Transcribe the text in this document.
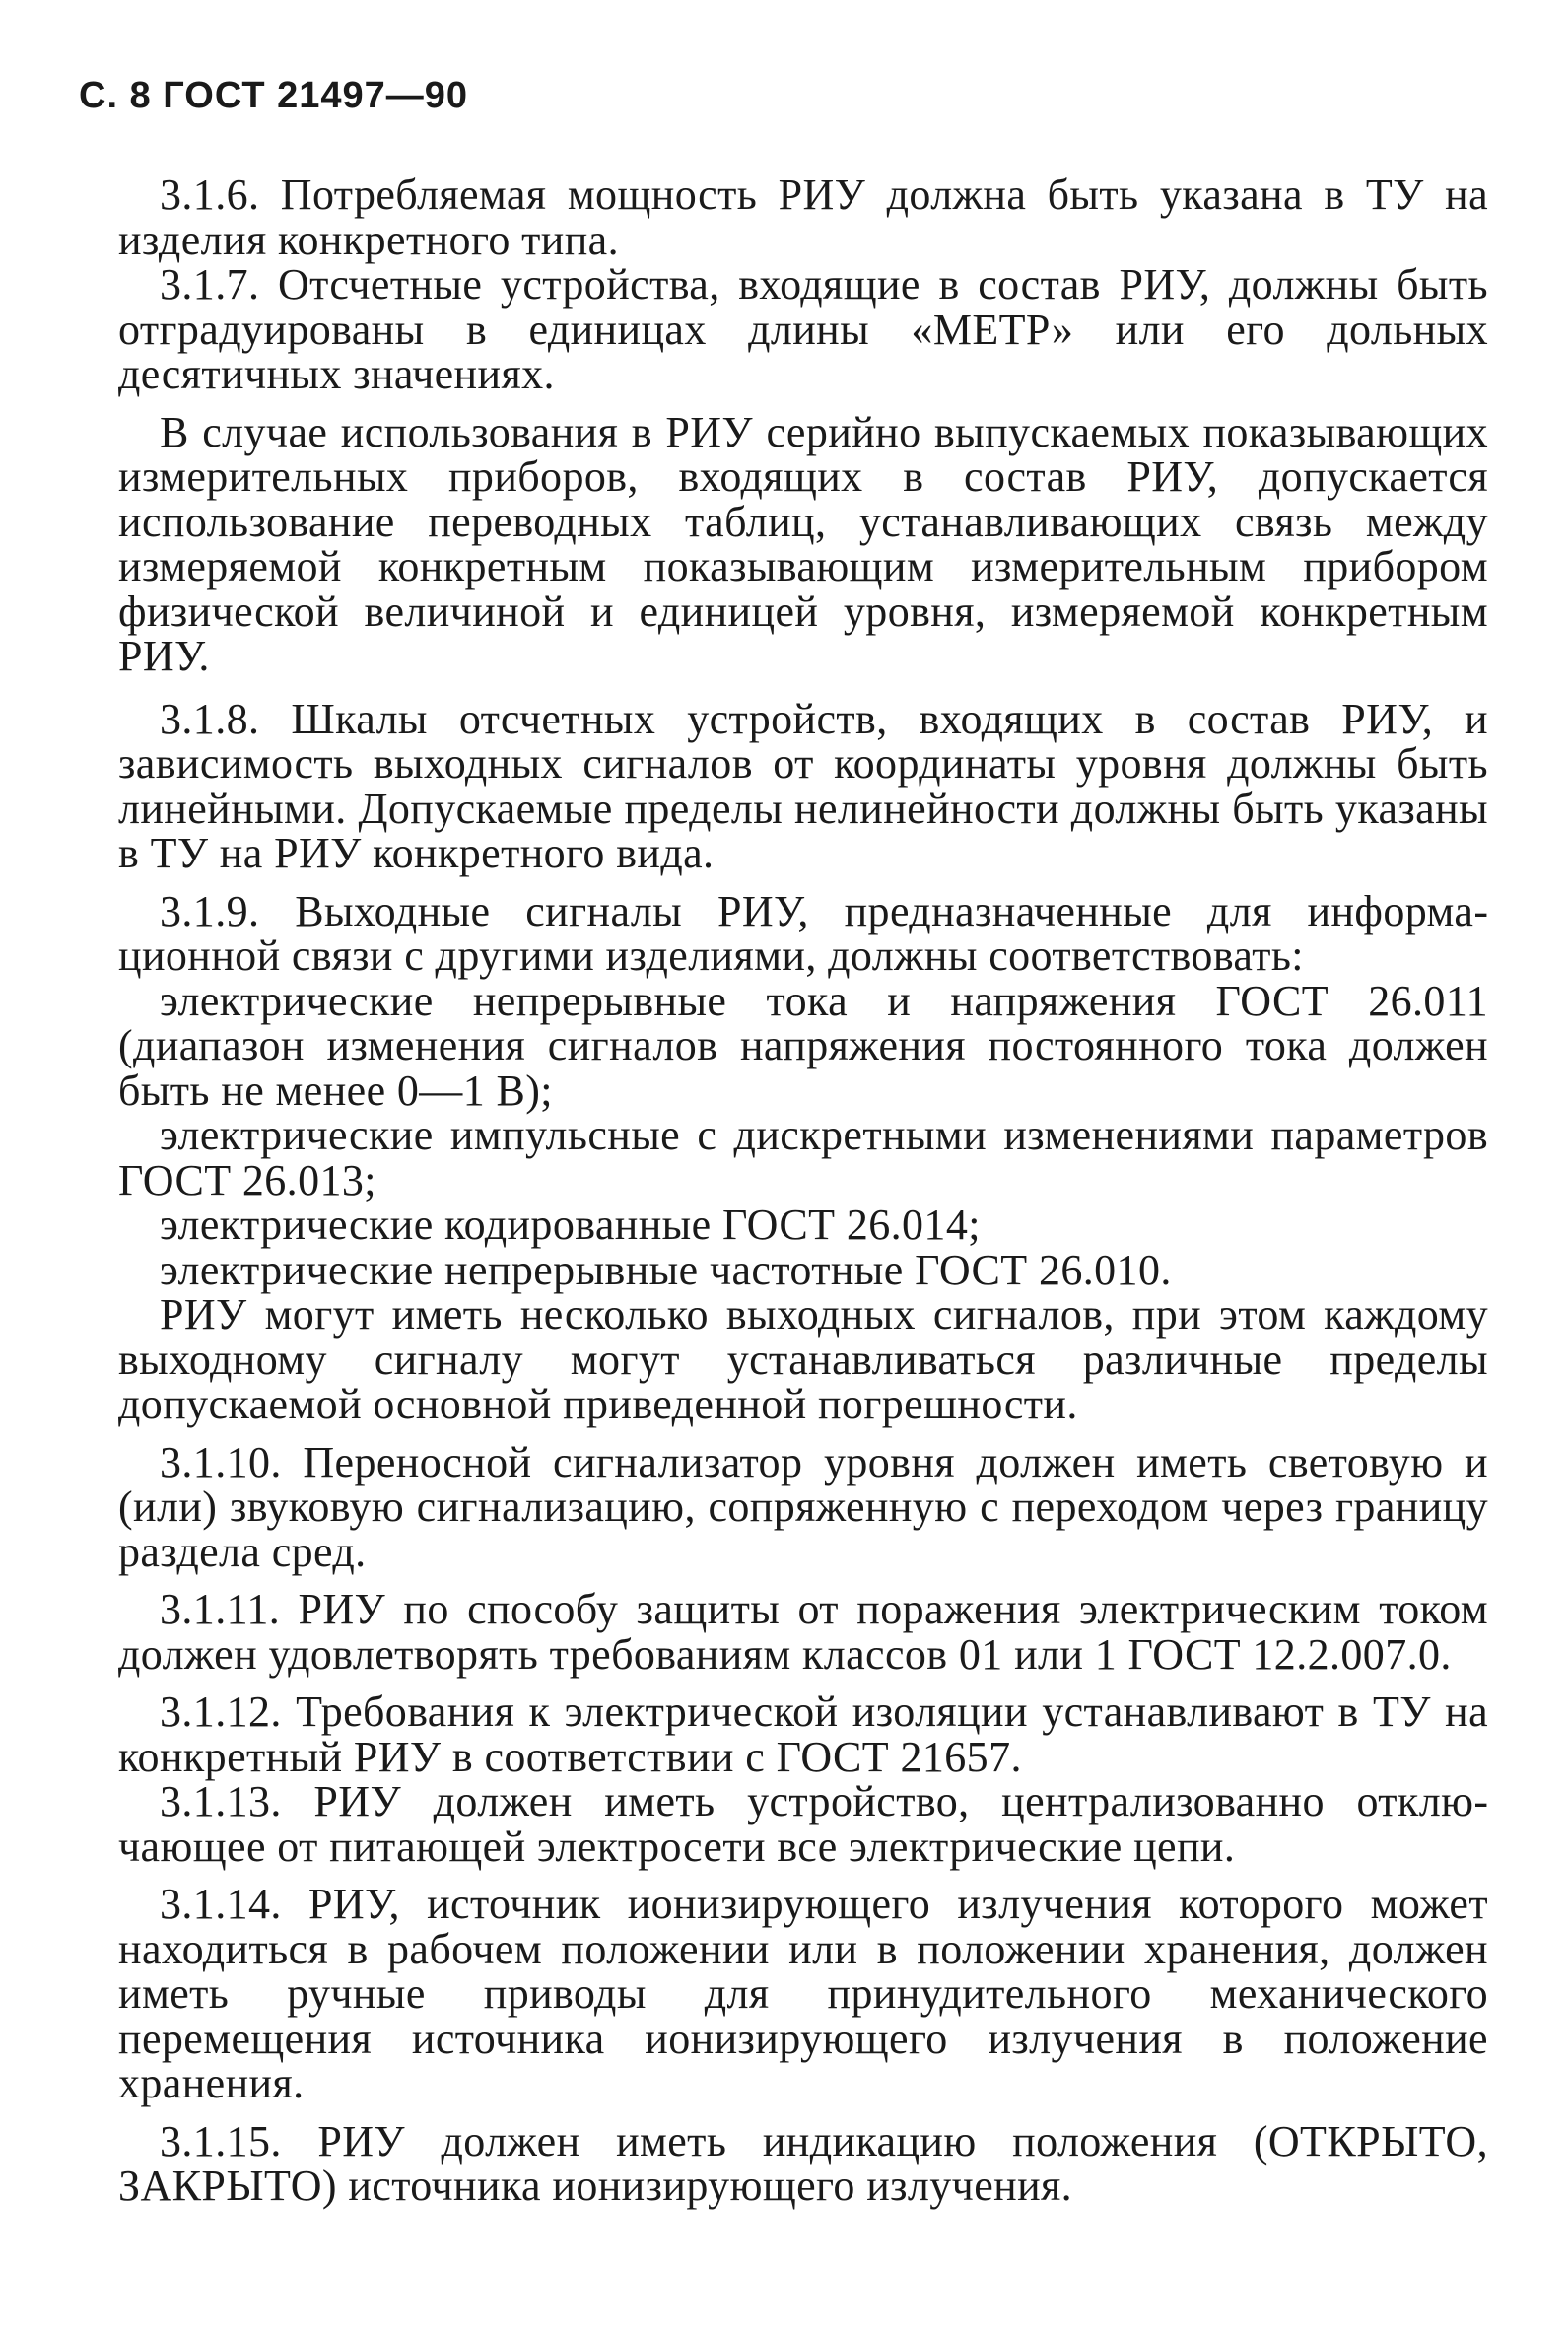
С. 8 ГОСТ 21497—90

3.1.6. Потребляемая мощность РИУ должна быть указана в ТУ на изделия конкретного типа.

3.1.7. Отсчетные устройства, входящие в состав РИУ, должны быть отградуированы в единицах длины «МЕТР» или его дольных десятичных значениях.

В случае использования в РИУ серийно выпускаемых показывающих измерительных приборов, входящих в состав РИУ, допускается использование переводных таблиц, устанавливающих связь между измеряемой конкретным показывающим измерительным прибором физической величиной и единицей уровня, измеряемой конкретным РИУ.

3.1.8. Шкалы отсчетных устройств, входящих в состав РИУ, и зависимость выходных сигналов от координаты уровня должны быть линейными. Допускаемые пределы нелинейности должны быть указаны в ТУ на РИУ конкретного вида.

3.1.9. Выходные сигналы РИУ, предназначенные для информационной связи с другими изделиями, должны соответствовать:

электрические непрерывные тока и напряжения ГОСТ 26.011 (диапазон изменения сигналов напряжения постоянного тока должен быть не менее 0—1 В);

электрические импульсные с дискретными изменениями параметров ГОСТ 26.013;

электрические кодированные ГОСТ 26.014;

электрические непрерывные частотные ГОСТ 26.010.

РИУ могут иметь несколько выходных сигналов, при этом каждому выходному сигналу могут устанавливаться различные пределы допускаемой основной приведенной погрешности.

3.1.10. Переносной сигнализатор уровня должен иметь световую и (или) звуковую сигнализацию, сопряженную с переходом через границу раздела сред.

3.1.11. РИУ по способу защиты от поражения электрическим током должен удовлетворять требованиям классов 01 или 1 ГОСТ 12.2.007.0.

3.1.12. Требования к электрической изоляции устанавливают в ТУ на конкретный РИУ в соответствии с ГОСТ 21657.

3.1.13. РИУ должен иметь устройство, централизованно отключающее от питающей электросети все электрические цепи.

3.1.14. РИУ, источник ионизирующего излучения которого может находиться в рабочем положении или в положении хранения, должен иметь ручные приводы для принудительного механического перемещения источника ионизирующего излучения в положение хранения.

3.1.15. РИУ должен иметь индикацию положения (ОТКРЫТО, ЗАКРЫТО) источника ионизирующего излучения.
